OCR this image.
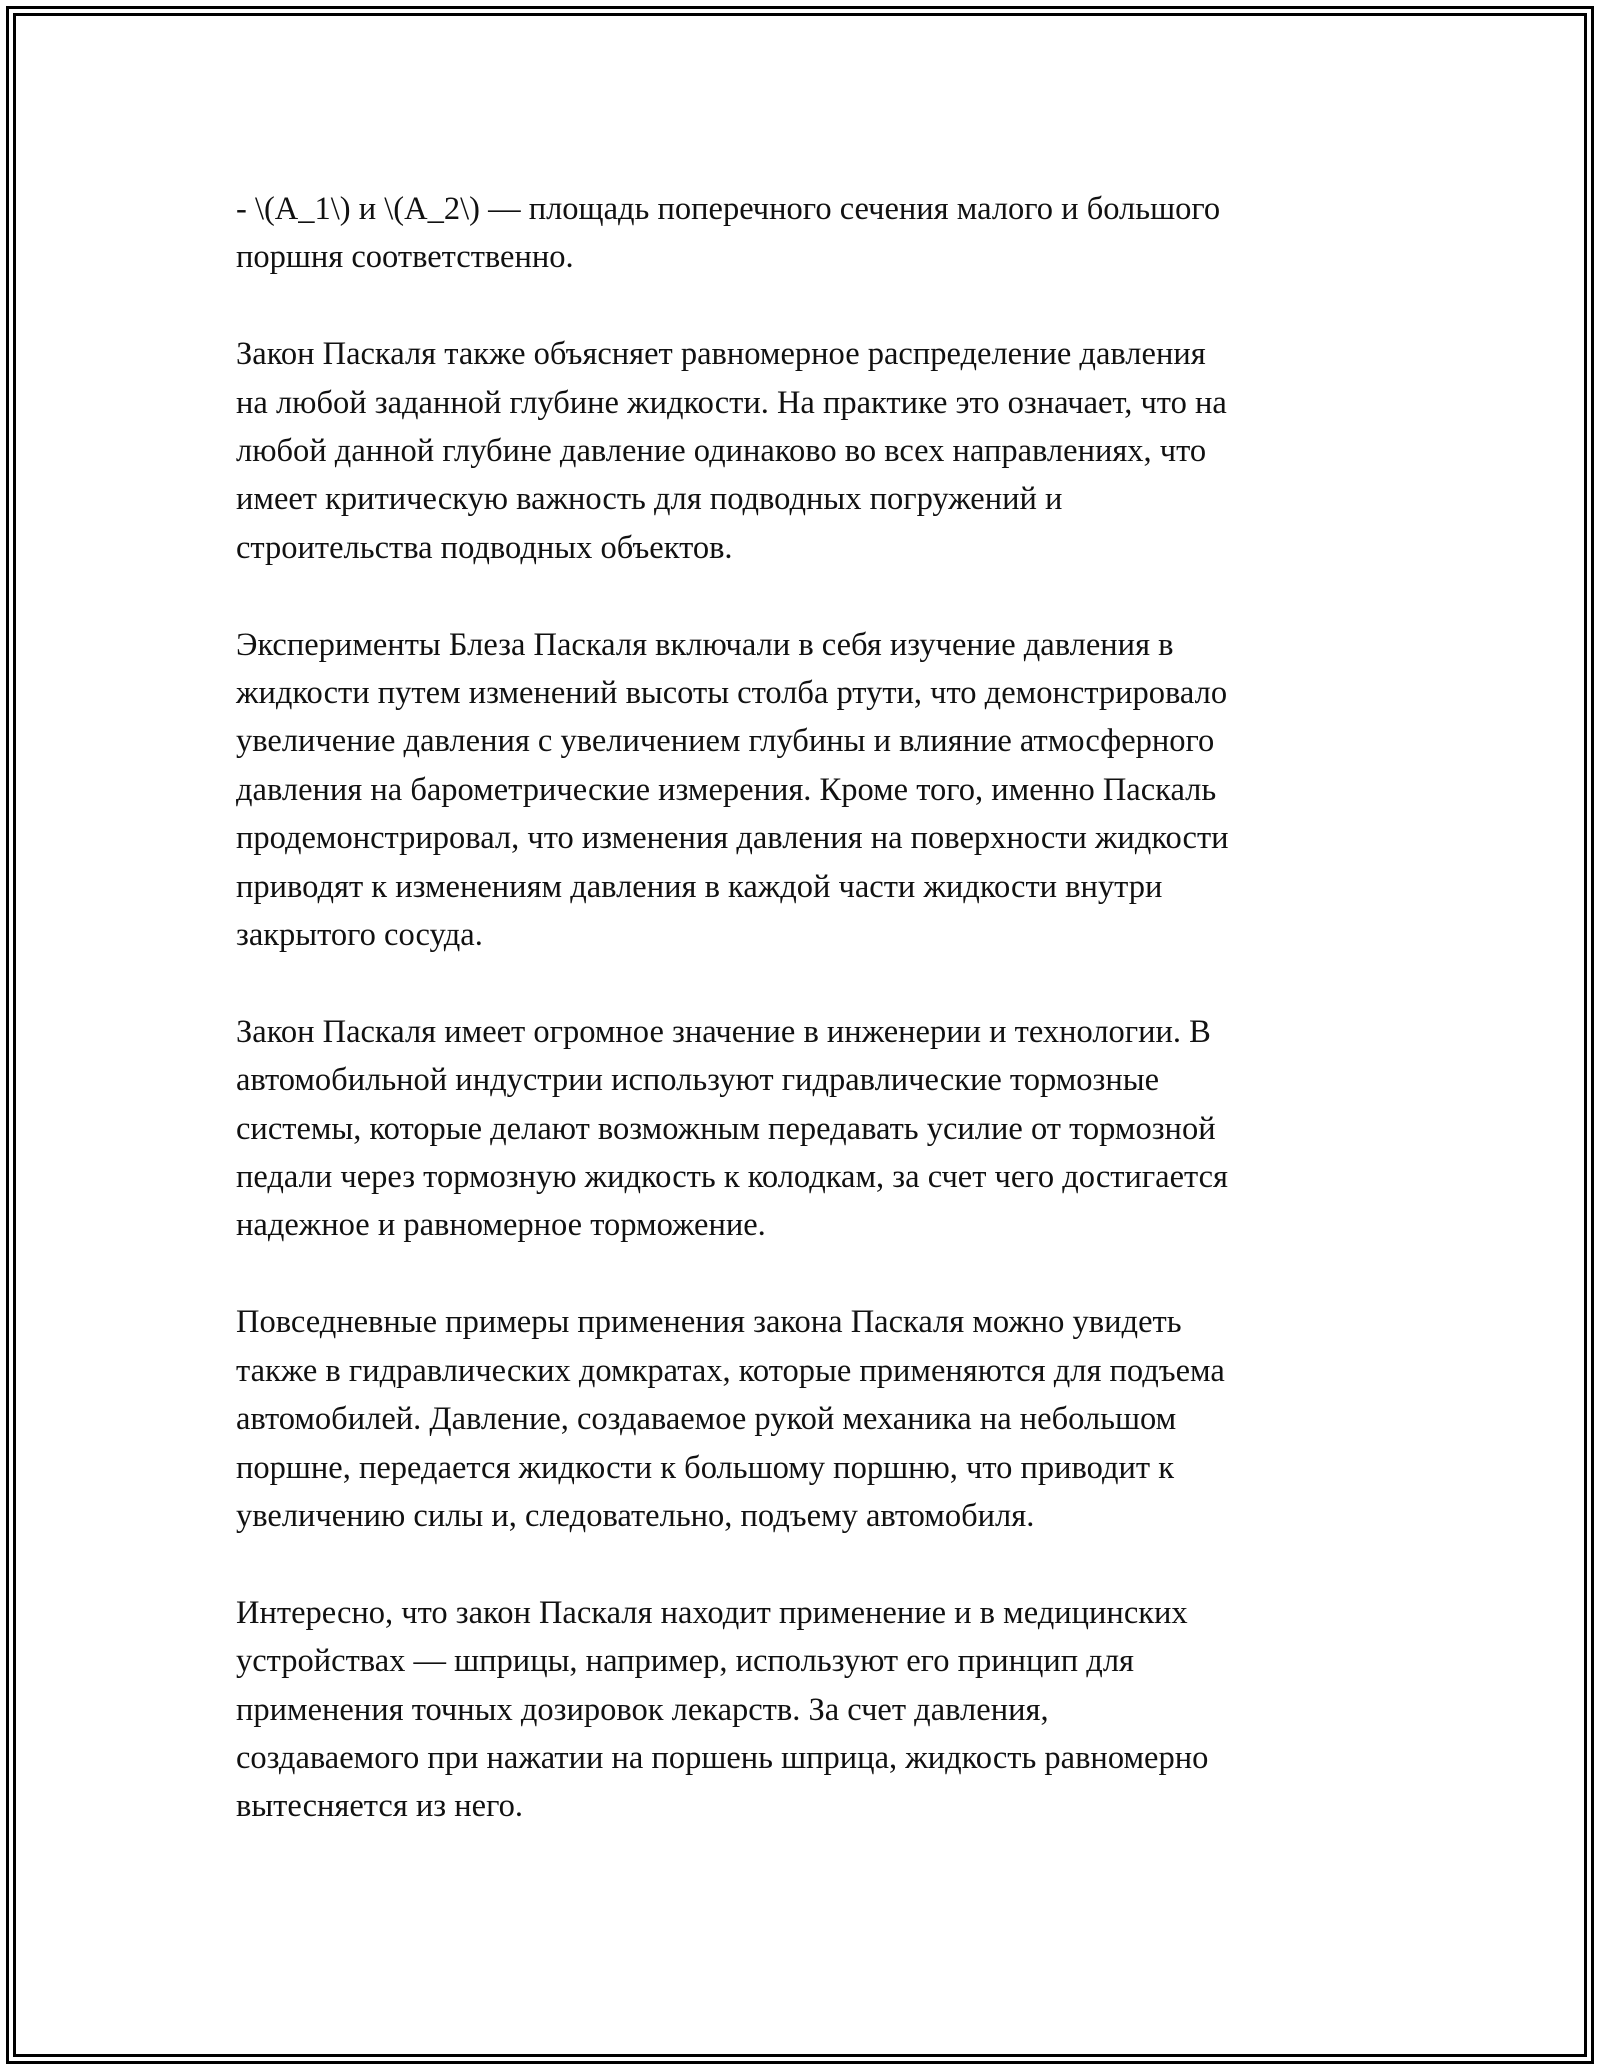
- \(A_1\) и \(A_2\) — площадь поперечного сечения малого и большого
поршня соответственно.

Закон Паскаля также объясняет равномерное распределение давления
на любой заданной глубине жидкости. На практике это означает, что на
любой данной глубине давление одинаково во всех направлениях, что
имеет критическую важность для подводных погружений и
строительства подводных объектов.

Эксперименты Блеза Паскаля включали в себя изучение давления в
жидкости путем изменений высоты столба ртути, что демонстрировало
увеличение давления с увеличением глубины и влияние атмосферного
давления на барометрические измерения. Кроме того, именно Паскаль
продемонстрировал, что изменения давления на поверхности жидкости
приводят к изменениям давления в каждой части жидкости внутри
закрытого сосуда.

Закон Паскаля имеет огромное значение в инженерии и технологии. В
автомобильной индустрии используют гидравлические тормозные
системы, которые делают возможным передавать усилие от тормозной
педали через тормозную жидкость к колодкам, за счет чего достигается
надежное и равномерное торможение.

Повседневные примеры применения закона Паскаля можно увидеть
также в гидравлических домкратах, которые применяются для подъема
автомобилей. Давление, создаваемое рукой механика на небольшом
поршне, передается жидкости к большому поршню, что приводит к
увеличению силы и, следовательно, подъему автомобиля.

Интересно, что закон Паскаля находит применение и в медицинских
устройствах — шприцы, например, используют его принцип для
применения точных дозировок лекарств. За счет давления,
создаваемого при нажатии на поршень шприца, жидкость равномерно
вытесняется из него.
